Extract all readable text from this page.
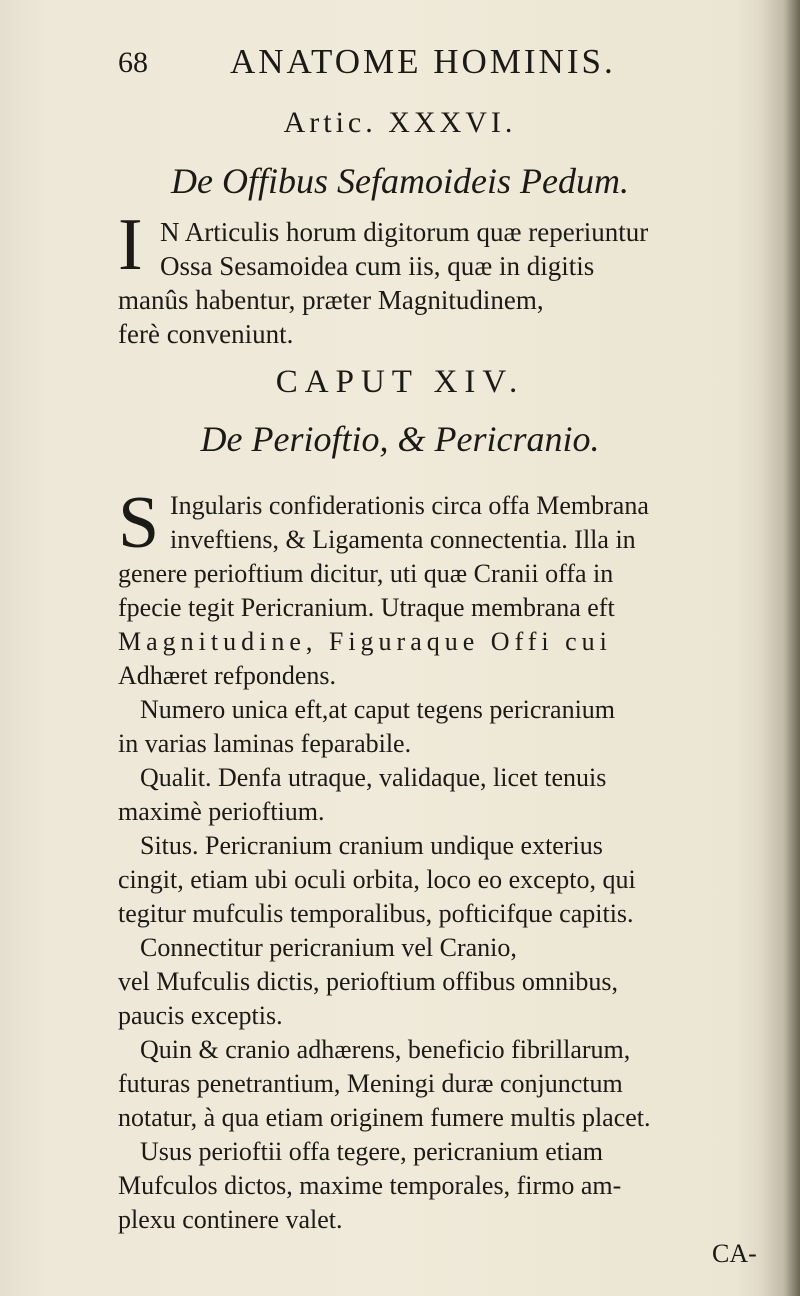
68 ANATOME HOMINIS.
Artic. XXXVI.
De Offibus Sefamoideis Pedum.
I N Articulis horum digitorum quæ reperiuntur
Ossa Sesamoidea cum iis, quæ in digitis
manûs habentur, præter Magnitudinem,
ferè conveniunt.
CAPUT XIV.
De Perioftio, & Pericranio.
S Ingularis confiderationis circa offa Membrana
inveftiens, & Ligamenta connectentia. Illa in
genere perioftium dicitur, uti quæ Cranii offa in
fpecie tegit Pericranium. Utraque membrana eft
Magnitudine, Figuraque Offi cui
Adhæret refpondens.
Numero unica eft,at caput tegens pericranium
in varias laminas feparabile.
Qualit. Denfa utraque, validaque, licet tenuis
maximè perioftium.
Situs. Pericranium cranium undique exterius
cingit, etiam ubi oculi orbita, loco eo excepto, qui
tegitur mufculis temporalibus, pofticifque capitis.
Connectitur pericranium vel Cranio,
vel Mufculis dictis, perioftium offibus omnibus,
paucis exceptis.
Quin & cranio adhærens, beneficio fibrillarum,
futuras penetrantium, Meningi duræ conjunctum
notatur, à qua etiam originem fumere multis placet.
Usus perioftii offa tegere, pericranium etiam
Mufculos dictos, maxime temporales, firmo am-
plexu continere valet.
CA-
